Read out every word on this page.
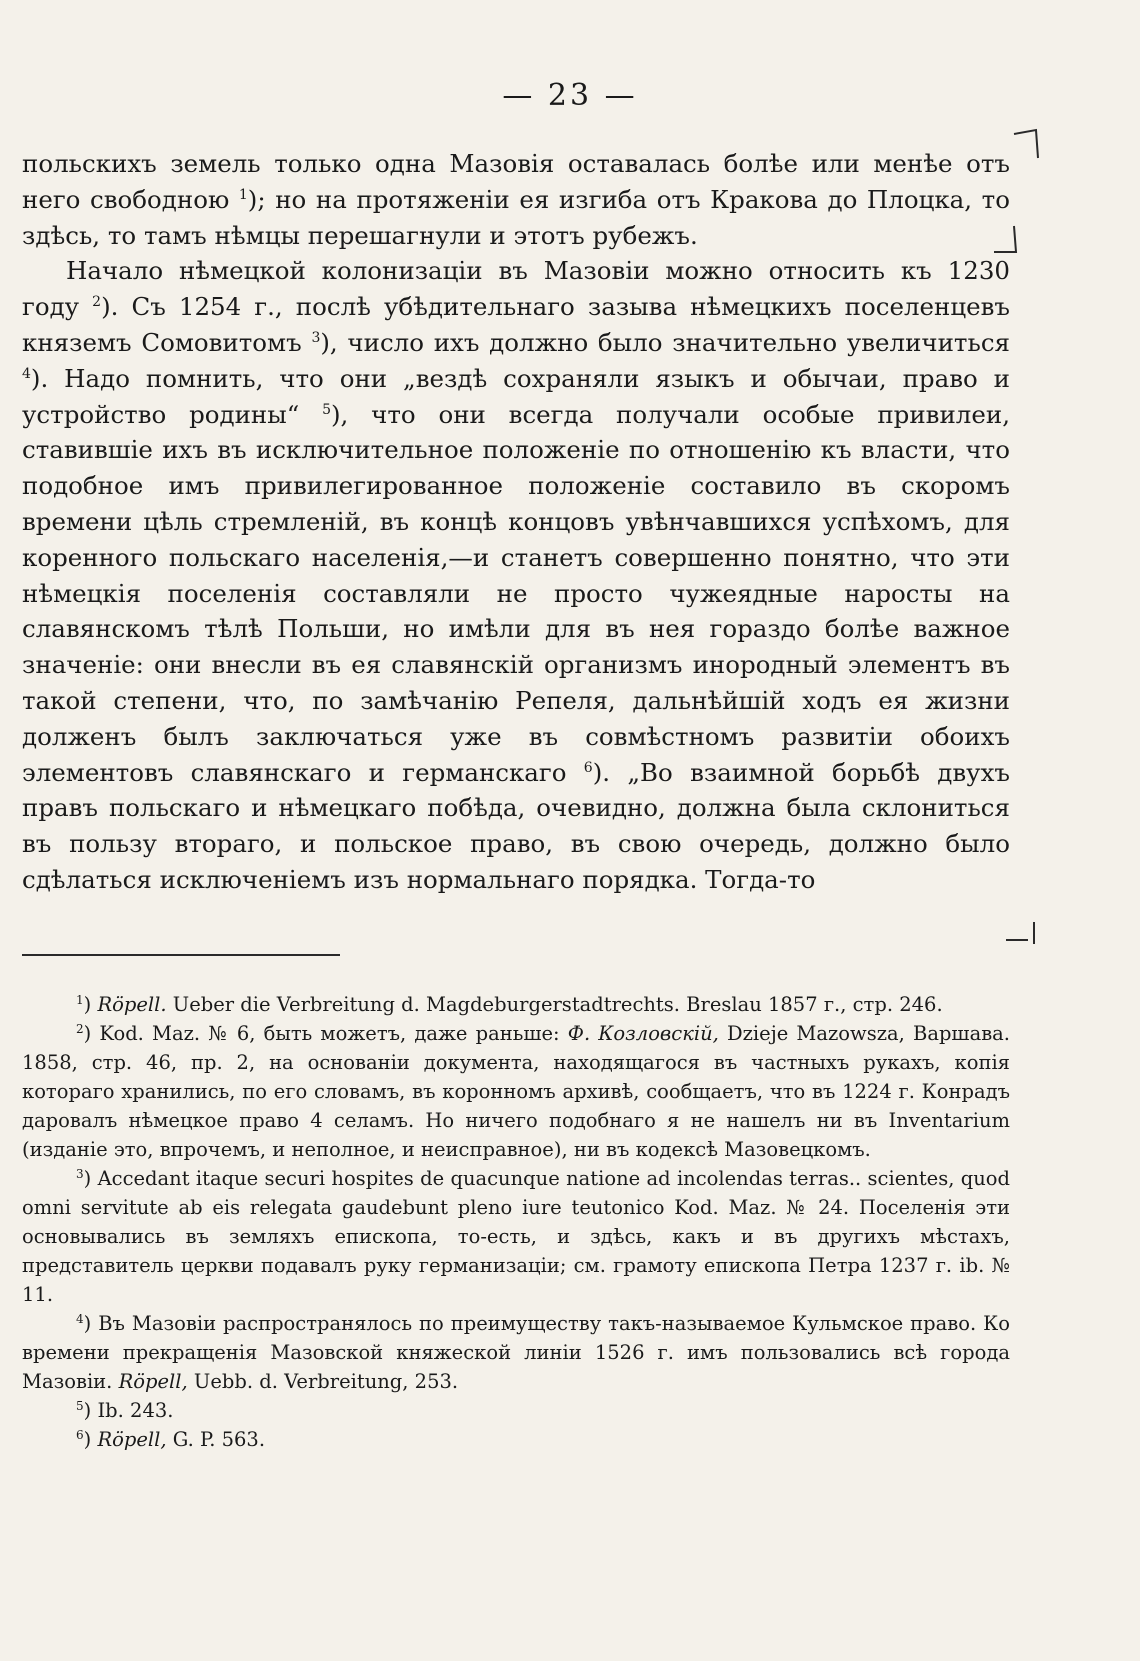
— 23 —

польскихъ земель только одна Мазовія оставалась болѣе или менѣе отъ него свободною $^1$); но на протяженіи ея изгиба отъ Кракова до Плоцка, то здѣсь, то тамъ нѣмцы перешагнули и этотъ рубежъ.

Начало нѣмецкой колонизаціи въ Мазовіи можно относить къ 1230 году $^2$). Съ 1254 г., послѣ убѣдительнаго зазыва нѣмецкихъ поселенцевъ княземъ Сомовитомъ $^3$), число ихъ должно было значительно увеличиться $^4$). Надо помнить, что они „вездѣ сохраняли языкъ и обычаи, право и устройство родины“ $^5$), что они всегда получали особые привилеи, ставившіе ихъ въ исключительное положеніе по отношенію къ власти, что подобное имъ привилегированное положеніе составило въ скоромъ времени цѣль стремленій, въ концѣ концовъ увѣнчавшихся успѣхомъ, для коренного польскаго населенія,—и станетъ совершенно понятно, что эти нѣмецкія поселенія составляли не просто чужеядные наросты на славянскомъ тѣлѣ Польши, но имѣли для въ нея гораздо болѣе важное значеніе: они внесли въ ея славянскій организмъ инородный элементъ въ такой степени, что, по замѣчанію Репеля, дальнѣйшій ходъ ея жизни долженъ былъ заключаться уже въ совмѣстномъ развитіи обоихъ элементовъ славянскаго и германскаго $^6$). „Во взаимной борьбѣ двухъ правъ польскаго и нѣмецкаго побѣда, очевидно, должна была склониться въ пользу втораго, и польское право, въ свою очередь, должно было сдѣлаться исключеніемъ изъ нормальнаго порядка. Тогда-то

$^1$) Röpell. Ueber die Verbreitung d. Magdeburgerstadtrechts. Breslau 1857 г., стр. 246.

$^2$) Kod. Maz. № 6, быть можетъ, даже раньше: Ф. Козловскій, Dzieje Mazowsza, Варшава. 1858, стр. 46, пр. 2, на основаніи документа, находящагося въ частныхъ рукахъ, копія котораго хранились, по его словамъ, въ коронномъ архивѣ, сообщаетъ, что въ 1224 г. Конрадъ даровалъ нѣмецкое право 4 селамъ. Но ничего подобнаго я не нашелъ ни въ Inventarium (изданіе это, впрочемъ, и неполное, и неисправное), ни въ кодексѣ Мазовецкомъ.

$^3$) Accedant itaque securi hospites de quacunque natione ad incolendas terras.. scientes, quod omni servitute ab eis relegata gaudebunt pleno iure teutonico Kod. Maz. № 24. Поселенія эти основывались въ земляхъ епископа, то-есть, и здѣсь, какъ и въ другихъ мѣстахъ, представитель церкви подавалъ руку германизаціи; см. грамоту епископа Петра 1237 г. ib. № 11.

$^4$) Въ Мазовіи распространялось по преимуществу такъ-называемое Кульмское право. Ко времени прекращенія Мазовской княжеской линіи 1526 г. имъ пользовались всѣ города Мазовіи. Röpell, Uebb. d. Verbreitung, 253.

$^5$) Ib. 243.

$^6$) Röpell, G. P. 563.
